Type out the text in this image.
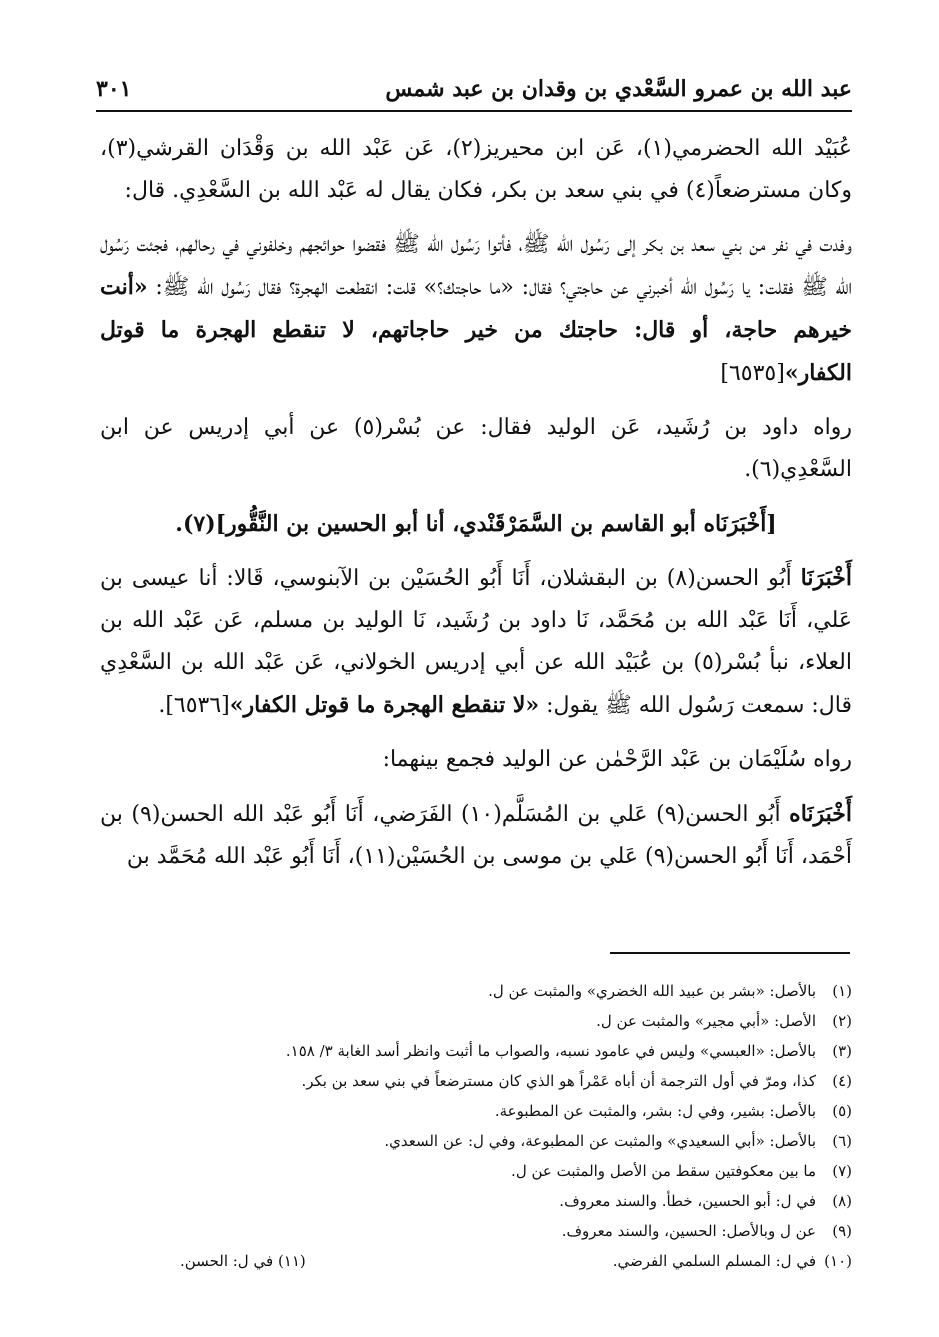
عبد الله بن عمرو السَّعْدي بن وقدان بن عبد شمس
٣٠١

عُبَيْد الله الحضرمي(١)، عَن ابن محيريز(٢)، عَن عَبْد الله بن وَقْدَان القرشي(٣)، وكان مسترضعاً(٤) في بني سعد بن بكر، فكان يقال له عَبْد الله بن السَّعْدِي. قال:

وفدت في نفر من بني سعد بن بكر إلى رَسُول الله ﷺ، فأتوا رَسُول الله ﷺ فقضوا حوائجهم وخلفوني في رحالهم، فجئت رَسُول الله ﷺ فقلت: يا رَسُول الله أخبرني عن حاجتي؟ فقال: «ما حاجتك؟» قلت: انقطعت الهجرة؟ فقال رَسُول الله ﷺ: «أنت خيرهم حاجة، أو قال: حاجتك من خير حاجاتهم، لا تنقطع الهجرة ما قوتل الكفار»[٦٥٣٥]

رواه داود بن رُشَيد، عَن الوليد فقال: عن بُسْر(٥) عن أبي إدريس عن ابن السَّعْدِي(٦).

[أَخْبَرَنَاه أبو القاسم بن السَّمَرْقَنْدي، أنا أبو الحسين بن النَّقُّور](٧).

أَخْبَرَنَا أَبُو الحسن(٨) بن البقشلان، أَنَا أَبُو الحُسَيْن بن الآبنوسي، قَالا: أنا عيسى بن عَلي، أَنَا عَبْد الله بن مُحَمَّد، نَا داود بن رُشَيد، نَا الوليد بن مسلم، عَن عَبْد الله بن العلاء، نبأ بُسْر(٥) بن عُبَيْد الله عن أبي إدريس الخولاني، عَن عَبْد الله بن السَّعْدِي قال: سمعت رَسُول الله ﷺ يقول: «لا تنقطع الهجرة ما قوتل الكفار»[٦٥٣٦].

رواه سُلَيْمَان بن عَبْد الرَّحْمٰن عن الوليد فجمع بينهما:

أَخْبَرَنَاه أَبُو الحسن(٩) عَلي بن المُسَلَّم(١٠) الفَرَضي، أَنَا أَبُو عَبْد الله الحسن(٩) بن أَحْمَد، أَنَا أَبُو الحسن(٩) عَلي بن موسى بن الحُسَيْن(١١)، أَنَا أَبُو عَبْد الله مُحَمَّد بن

(١)
بالأصل: «بشر بن عبيد الله الخضري» والمثبت عن ل.
(٢)
الأصل: «أبي مجير» والمثبت عن ل.
(٣)
بالأصل: «العبسي» وليس في عامود نسبه، والصواب ما أثبت وانظر أسد الغابة ٣/ ١٥٨.
(٤)
كذا، ومرّ في أول الترجمة أن أباه عَمْراً هو الذي كان مسترضعاً في بني سعد بن بكر.
(٥)
بالأصل: بشير، وفي ل: بشر، والمثبت عن المطبوعة.
(٦)
بالأصل: «أبي السعيدي» والمثبت عن المطبوعة، وفي ل: عن السعدي.
(٧)
ما بين معكوفتين سقط من الأصل والمثبت عن ل.
(٨)
في ل: أبو الحسين، خطأ. والسند معروف.
(٩)
عن ل وبالأصل: الحسين، والسند معروف.
(١٠)
في ل: المسلم السلمي الفرضي.
(١١) في ل: الحسن.
